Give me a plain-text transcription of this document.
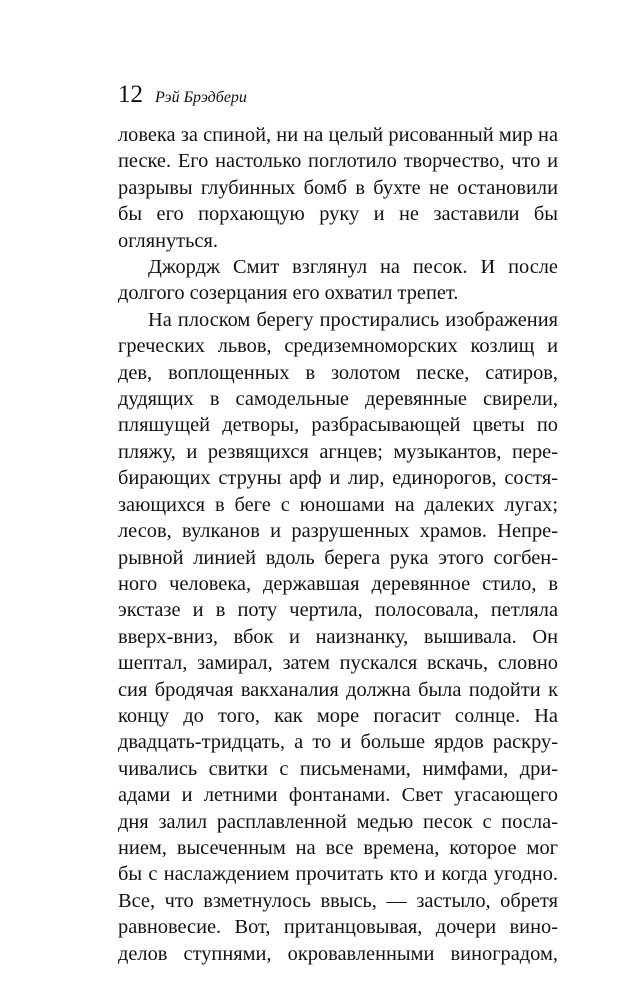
12 Рэй Брэдбери

ловека за спиной, ни на целый рисованный мир на песке. Его настолько поглотило творчество, что и разрывы глубинных бомб в бухте не остановили бы его порхающую руку и не заставили бы оглянуться.

Джордж Смит взглянул на песок. И после долгого созерцания его охватил трепет.

На плоском берегу простирались изображения греческих львов, средиземноморских козлищ и дев, воплощенных в золотом песке, сатиров, дудящих в самодельные деревянные свирели, пляшущей детворы, разбрасывающей цветы по пляжу, и резвящихся агнцев; музыкантов, перебирающих струны арф и лир, единорогов, состязающихся в беге с юношами на далеких лугах; лесов, вулканов и разрушенных храмов. Непрерывной линией вдоль берега рука этого согбенного человека, державшая деревянное стило, в экстазе и в поту чертила, полосовала, петляла вверх-вниз, вбок и наизнанку, вышивала. Он шептал, замирал, затем пускался вскачь, словно сия бродячая вакханалия должна была подойти к концу до того, как море погасит солнце. На двадцать-тридцать, а то и больше ярдов раскручивались свитки с письменами, нимфами, дриадами и летними фонтанами. Свет угасающего дня залил расплавленной медью песок с послaнием, высеченным на все времена, которое мог бы с наслаждением прочитать кто и когда угодно. Все, что взметнулось ввысь, — застыло, обретя равновесие. Вот, пританцовывая, дочери виноделов ступнями, окровавленными виноградом,
